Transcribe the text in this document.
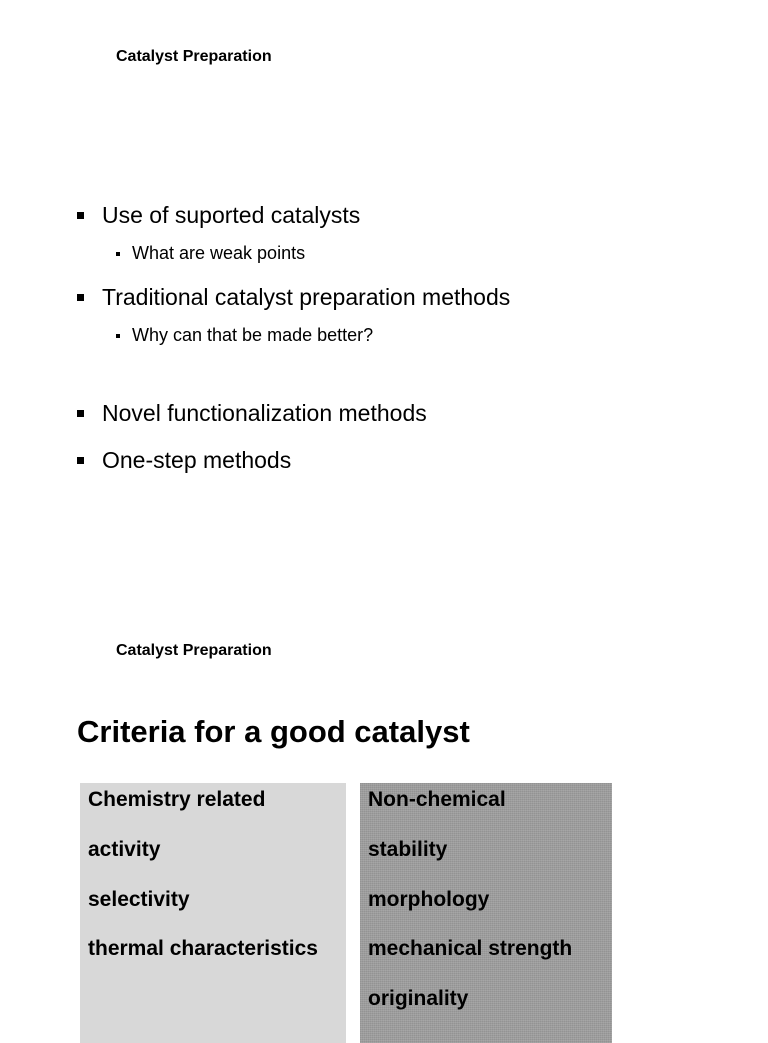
Catalyst Preparation
Use of suported catalysts
What are weak points
Traditional catalyst preparation methods
Why can that be made better?
Novel functionalization methods
One-step methods
Catalyst Preparation
Criteria for a good catalyst
Chemistry related
activity
selectivity
thermal characteristics
Non-chemical
stability
morphology
mechanical strength
originality
